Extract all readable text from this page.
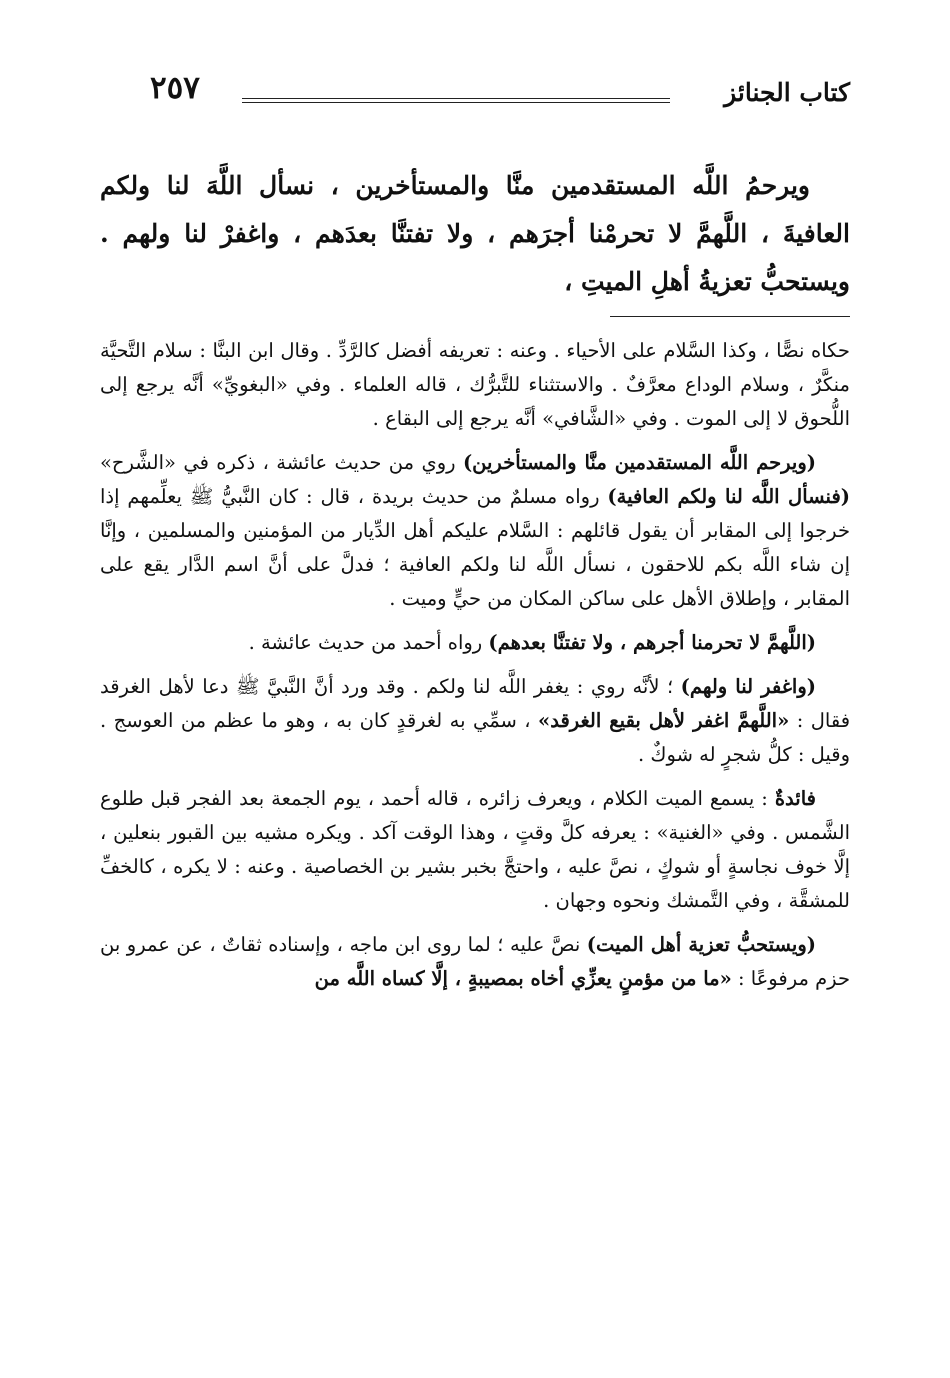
كتاب الجنائز
٢٥٧

ويرحمُ اللَّه المستقدمين منَّا والمستأخرين ، نسأل اللَّهَ لنا ولكم العافيةَ ، اللَّهمَّ لا تحرمْنا أجرَهم ، ولا تفتنَّا بعدَهم ، واغفرْ لنا ولهم . ويستحبُّ تعزيةُ أهلِ الميتِ ،

حكاه نصًّا ، وكذا السَّلام على الأحياء . وعنه : تعريفه أفضل كالرَّدِّ . وقال ابن البنَّا : سلام التَّحيَّة منكَّرٌ ، وسلام الوداع معرَّفٌ . والاستثناء للتَّبرُّك ، قاله العلماء . وفي «البغويِّ» أنَّه يرجع إلى اللُّحوق لا إلى الموت . وفي «الشَّافي» أنَّه يرجع إلى البقاع .

(ويرحم اللَّه المستقدمين منَّا والمستأخرين) روي من حديث عائشة ، ذكره في «الشَّرح» (فنسأل اللَّه لنا ولكم العافية) رواه مسلمٌ من حديث بريدة ، قال : كان النَّبيُّ ﷺ يعلِّمهم إذا خرجوا إلى المقابر أن يقول قائلهم : السَّلام عليكم أهل الدِّيار من المؤمنين والمسلمين ، وإنَّا إن شاء اللَّه بكم للاحقون ، نسأل اللَّه لنا ولكم العافية ؛ فدلَّ على أنَّ اسم الدَّار يقع على المقابر ، وإطلاق الأهل على ساكن المكان من حيٍّ وميت .

(اللَّهمَّ لا تحرمنا أجرهم ، ولا تفتنَّا بعدهم) رواه أحمد من حديث عائشة .

(واغفر لنا ولهم) ؛ لأنَّه روي : يغفر اللَّه لنا ولكم . وقد ورد أنَّ النَّبيَّ ﷺ دعا لأهل الغرقد فقال : «اللَّهمَّ اغفر لأهل بقيع الغرقد» ، سمِّي به لغرقدٍ كان به ، وهو ما عظم من العوسج . وقيل : كلُّ شجرٍ له شوكٌ .

فائدةٌ : يسمع الميت الكلام ، ويعرف زائره ، قاله أحمد ، يوم الجمعة بعد الفجر قبل طلوع الشَّمس . وفي «الغنية» : يعرفه كلَّ وقتٍ ، وهذا الوقت آكد . ويكره مشيه بين القبور بنعلين ، إلَّا خوف نجاسةٍ أو شوكٍ ، نصَّ عليه ، واحتجَّ بخبر بشير بن الخصاصية . وعنه : لا يكره ، كالخفِّ للمشقَّة ، وفي التَّمشك ونحوه وجهان .

(ويستحبُّ تعزية أهل الميت) نصَّ عليه ؛ لما روى ابن ماجه ، وإسناده ثقاتٌ ، عن عمرو بن حزم مرفوعًا : «ما من مؤمنٍ يعزِّي أخاه بمصيبةٍ ، إلَّا كساه اللَّه من
